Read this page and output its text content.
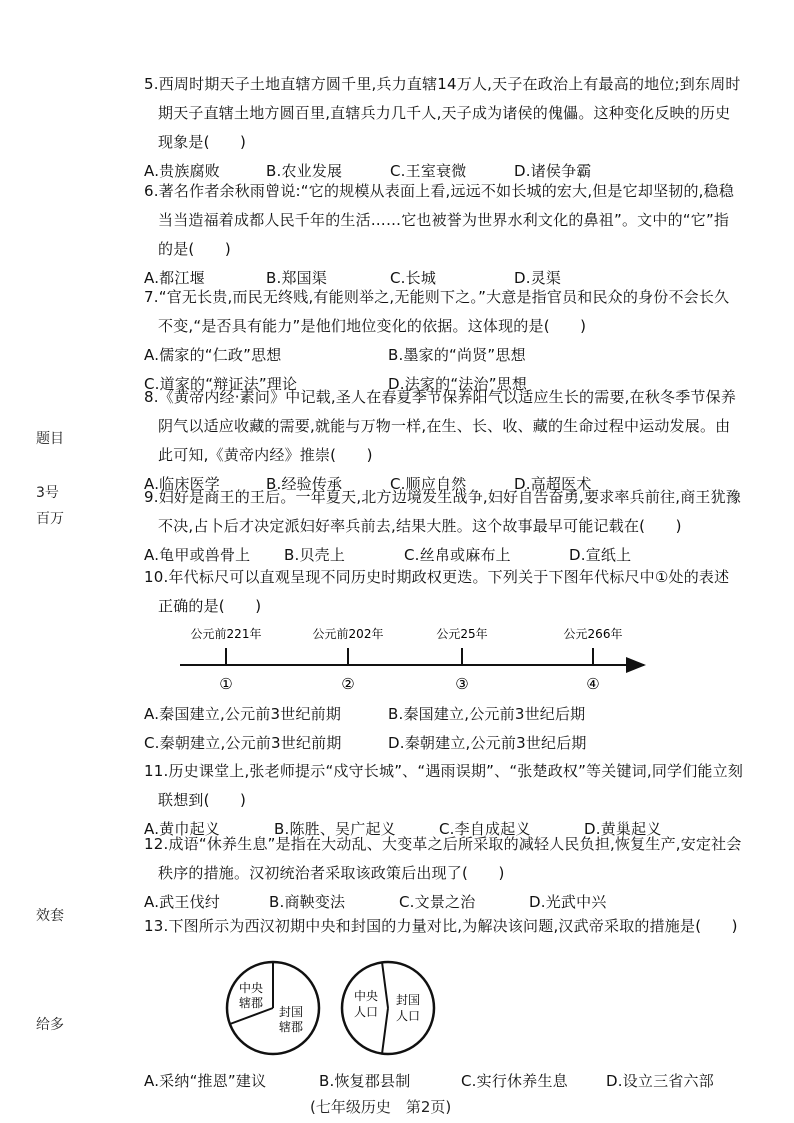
题目
3号
百万
效套
给多
5.西周时期天子土地直辖方圆千里,兵力直辖14万人,天子在政治上有最高的地位;到东周时期天子直辖土地方圆百里,直辖兵力几千人,天子成为诸侯的傀儡。这种变化反映的历史现象是(　　)
A.贵族腐败	B.农业发展	C.王室衰微	D.诸侯争霸
6.著名作者余秋雨曾说:“它的规模从表面上看,远远不如长城的宏大,但是它却坚韧的,稳稳当当造福着成都人民千年的生活……它也被誉为世界水利文化的鼻祖”。文中的“它”指的是(　　)
A.都江堰	B.郑国渠	C.长城	D.灵渠
7.“官无长贵,而民无终贱,有能则举之,无能则下之。”大意是指官员和民众的身份不会长久不变,“是否具有能力”是他们地位变化的依据。这体现的是(　　)
A.儒家的“仁政”思想	B.墨家的“尚贤”思想
C.道家的“辩证法”理论	D.法家的“法治”思想
8.《黄帝内经·素问》中记载,圣人在春夏季节保养阳气以适应生长的需要,在秋冬季节保养阴气以适应收藏的需要,就能与万物一样,在生、长、收、藏的生命过程中运动发展。由此可知,《黄帝内经》推崇(　　)
A.临床医学	B.经验传承	C.顺应自然	D.高超医术
9.妇好是商王的王后。一年夏天,北方边境发生战争,妇好自告奋勇,要求率兵前往,商王犹豫不决,占卜后才决定派妇好率兵前去,结果大胜。这个故事最早可能记载在(　　)
A.龟甲或兽骨上	B.贝壳上	C.丝帛或麻布上	D.宣纸上
10.年代标尺可以直观呈现不同历史时期政权更迭。下列关于下图年代标尺中①处的表述正确的是(　　)
公元前221年
①
公元前202年
②
公元25年
③
公元266年
④
A.秦国建立,公元前3世纪前期	B.秦国建立,公元前3世纪后期
C.秦朝建立,公元前3世纪前期	D.秦朝建立,公元前3世纪后期
11.历史课堂上,张老师提示“戍守长城”、“遇雨误期”、“张楚政权”等关键词,同学们能立刻联想到(　　)
A.黄巾起义	B.陈胜、吴广起义	C.李自成起义	D.黄巢起义
12.成语“休养生息”是指在大动乱、大变革之后所采取的减轻人民负担,恢复生产,安定社会秩序的措施。汉初统治者采取该政策后出现了(　　)
A.武王伐纣	B.商鞅变法	C.文景之治	D.光武中兴
13.下图所示为西汉初期中央和封国的力量对比,为解决该问题,汉武帝采取的措施是(　　)
中央
辖郡
封国
辖郡
中央
人口
封国
人口
A.采纳“推恩”建议	B.恢复郡县制	C.实行休养生息	D.设立三省六部
(七年级历史　第2页)
